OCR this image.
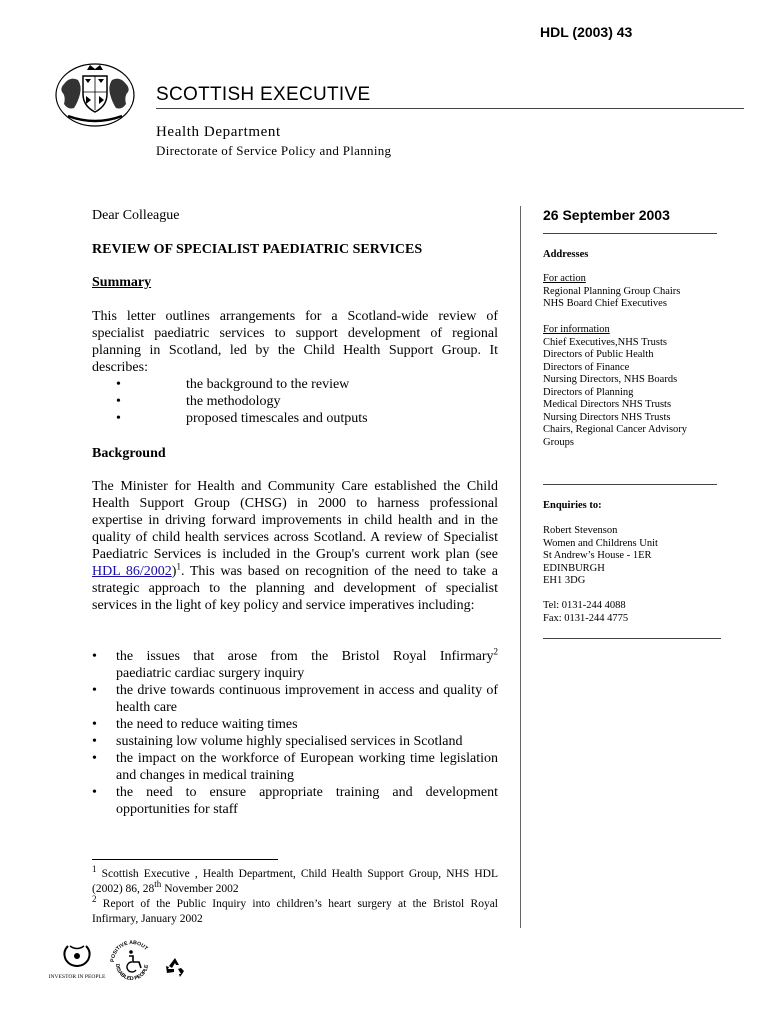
HDL (2003) 43
SCOTTISH EXECUTIVE
Health Department
Directorate of Service Policy and Planning
Dear Colleague
REVIEW OF SPECIALIST PAEDIATRIC SERVICES
Summary
This letter outlines arrangements for a Scotland-wide review of specialist paediatric services to support development of regional planning in Scotland, led by the Child Health Support Group. It describes:
•	the background to the review
•	the methodology
•	proposed timescales and outputs
Background
The Minister for Health and Community Care established the Child Health Support Group (CHSG) in 2000 to harness professional expertise in driving forward improvements in child health and in the quality of child health services across Scotland. A review of Specialist Paediatric Services is included in the Group's current work plan (see HDL 86/2002)$^1$. This was based on recognition of the need to take a strategic approach to the planning and development of specialist services in the light of key policy and service imperatives including:
• the issues that arose from the Bristol Royal Infirmary$^2$
paediatric cardiac surgery inquiry
• the drive towards continuous improvement in access and quality of health care
• the need to reduce waiting times
• sustaining low volume highly specialised services in Scotland
• the impact on the workforce of European working time legislation and changes in medical training
• the need to ensure appropriate training and development opportunities for staff
$^1$ Scottish Executive , Health Department, Child Health Support Group, NHS HDL (2002) 86, 28th November 2002
$^2$ Report of the Public Inquiry into children’s heart surgery at the Bristol Royal Infirmary, January 2002
26 September 2003
Addresses
For action
Regional Planning Group Chairs
NHS Board Chief Executives
For information
Chief Executives,NHS Trusts
Directors of Public Health
Directors of Finance
Nursing Directors, NHS Boards
Directors of Planning
Medical Directors NHS Trusts
Nursing Directors NHS Trusts
Chairs, Regional Cancer Advisory Groups
Enquiries to:
Robert Stevenson
Women and Childrens Unit
St Andrew’s House - 1ER
EDINBURGH
EH1 3DG
Tel: 0131-244 4088
Fax: 0131-244 4775
INVESTOR IN PEOPLE
POSITIVE ABOUT
DISABLED PEOPLE
